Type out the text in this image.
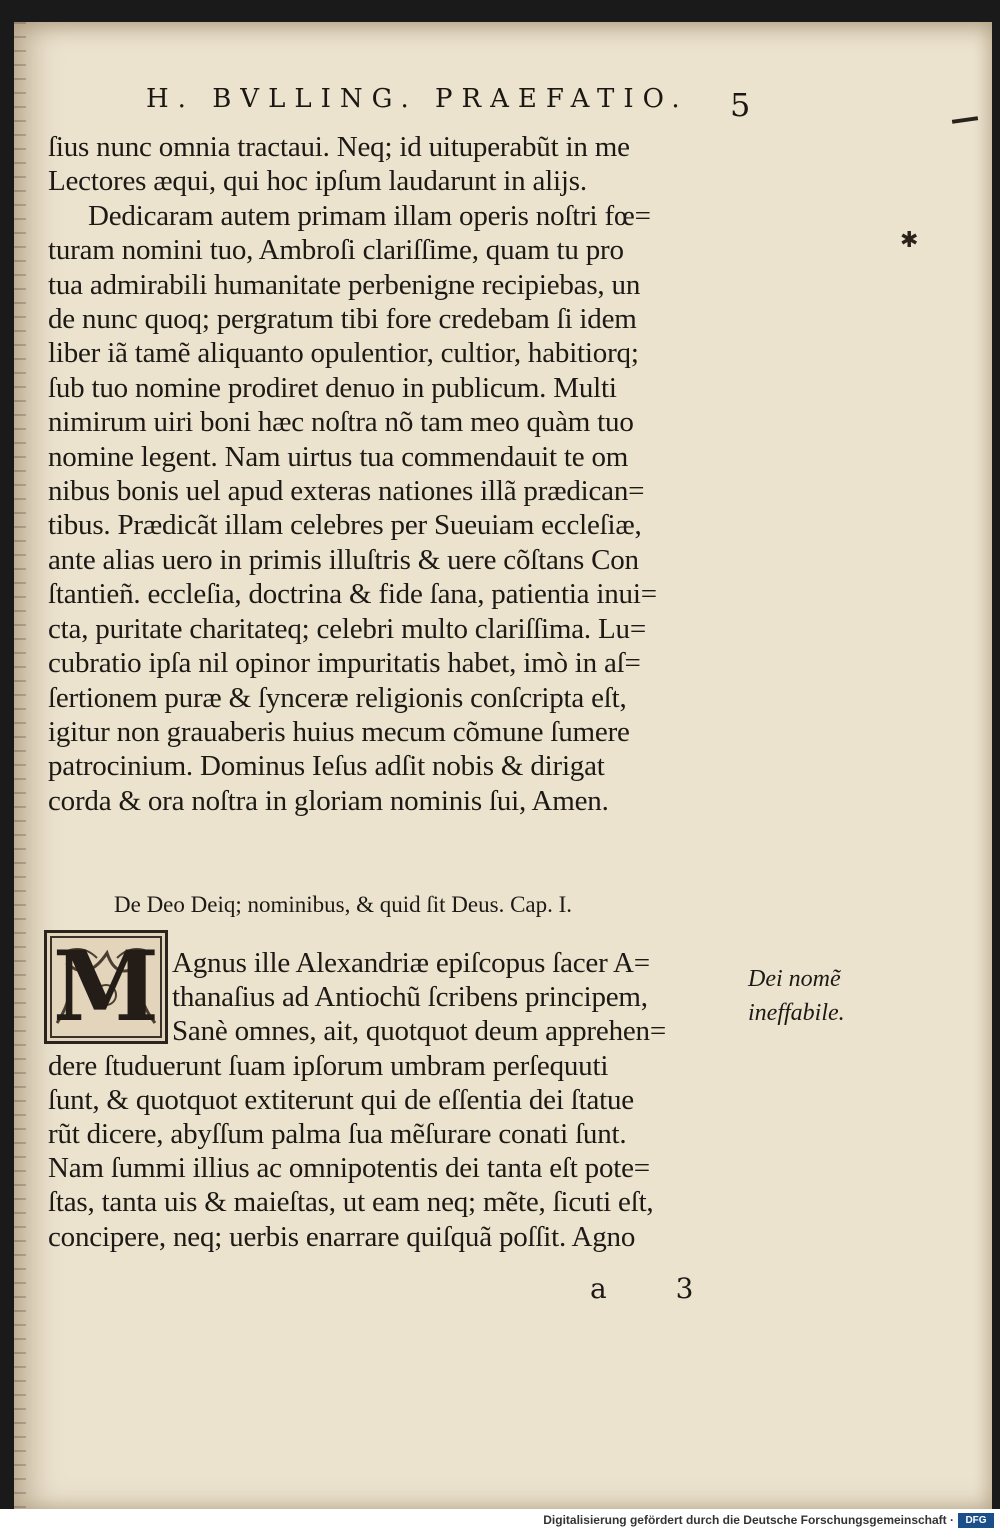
H. BVLLING. PRAEFATIO. 5
✱
ſius nunc omnia tractaui. Neq; id uituperabũt in me
Lectores æqui, qui hoc ipſum laudarunt in alijs.
Dedicaram autem primam illam operis noſtri fœ=
turam nomini tuo, Ambroſi clariſſime, quam tu pro
tua admirabili humanitate perbenigne recipiebas, un
de nunc quoq; pergratum tibi fore credebam ſi idem
liber iã tamẽ aliquanto opulentior, cultior, habitiorq;
ſub tuo nomine prodiret denuo in publicum. Multi
nimirum uiri boni hæc noſtra nõ tam meo quàm tuo
nomine legent. Nam uirtus tua commendauit te om
nibus bonis uel apud exteras nationes illã prædican=
tibus. Prædicãt illam celebres per Sueuiam eccleſiæ,
ante alias uero in primis illuſtris & uere cõſtans Con
ſtantieñ. eccleſia, doctrina & fide ſana, patientia inui=
cta, puritate charitateq; celebri multo clariſſima. Lu=
cubratio ipſa nil opinor impuritatis habet, imò in aſ=
ſertionem puræ & ſynceræ religionis conſcripta eſt,
igitur non grauaberis huius mecum cõmune ſumere
patrocinium. Dominus Ieſus adſit nobis & dirigat
corda & ora noſtra in gloriam nominis ſui, Amen.
De Deo Deiq; nominibus, & quid ſit Deus. Cap. I.
M Agnus ille Alexandriæ epiſcopus ſacer A=
thanaſius ad Antiochũ ſcribens principem,
Sanè omnes, ait, quotquot deum apprehen=
dere ſtuduerunt ſuam ipſorum umbram perſequuti
ſunt, & quotquot extiterunt qui de eſſentia dei ſtatue
rũt dicere, abyſſum palma ſua mẽſurare conati ſunt.
Nam ſummi illius ac omnipotentis dei tanta eſt pote=
ſtas, tanta uis & maieſtas, ut eam neq; mẽte, ſicuti eſt,
concipere, neq; uerbis enarrare quiſquã poſſit. Agno
Dei nomẽ
ineffabile.
a 3
Digitalisierung gefördert durch die Deutsche Forschungsgemeinschaft ·	DFG
